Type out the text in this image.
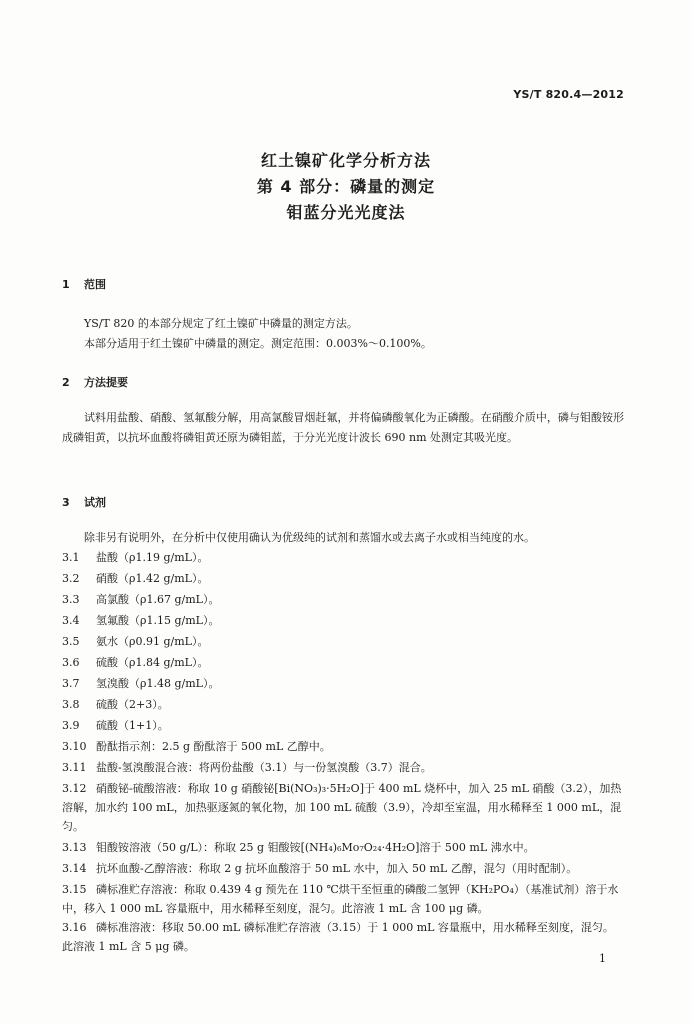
YS/T 820.4—2012
红土镍矿化学分析方法
第 4 部分：磷量的测定
钼蓝分光光度法
1 范围

YS/T 820 的本部分规定了红土镍矿中磷量的测定方法。

本部分适用于红土镍矿中磷量的测定。测定范围：0.003%～0.100%。

2 方法提要

试料用盐酸、硝酸、氢氟酸分解，用高氯酸冒烟赶氟，并将偏磷酸氧化为正磷酸。在硝酸介质中，磷与钼酸铵形成磷钼黄，以抗坏血酸将磷钼黄还原为磷钼蓝，于分光光度计波长 690 nm 处测定其吸光度。

3 试剂

除非另有说明外，在分析中仅使用确认为优级纯的试剂和蒸馏水或去离子水或相当纯度的水。

3.1 盐酸（ρ1.19 g/mL）。

3.2 硝酸（ρ1.42 g/mL）。

3.3 高氯酸（ρ1.67 g/mL）。

3.4 氢氟酸（ρ1.15 g/mL）。

3.5 氨水（ρ0.91 g/mL）。

3.6 硫酸（ρ1.84 g/mL）。

3.7 氢溴酸（ρ1.48 g/mL）。

3.8 硫酸（2+3）。

3.9 硫酸（1+1）。

3.10 酚酞指示剂：2.5 g 酚酞溶于 500 mL 乙醇中。

3.11 盐酸-氢溴酸混合液：将两份盐酸（3.1）与一份氢溴酸（3.7）混合。

3.12 硝酸铋-硫酸溶液：称取 10 g 硝酸铋[Bi(NO₃)₃·5H₂O]于 400 mL 烧杯中，加入 25 mL 硝酸（3.2），加热溶解，加水约 100 mL，加热驱逐氮的氧化物，加 100 mL 硫酸（3.9），冷却至室温，用水稀释至 1 000 mL，混匀。

3.13 钼酸铵溶液（50 g/L）：称取 25 g 钼酸铵[(NH₄)₆Mo₇O₂₄·4H₂O]溶于 500 mL 沸水中。

3.14 抗坏血酸-乙醇溶液：称取 2 g 抗坏血酸溶于 50 mL 水中，加入 50 mL 乙醇，混匀（用时配制）。

3.15 磷标准贮存溶液：称取 0.439 4 g 预先在 110 ℃烘干至恒重的磷酸二氢钾（KH₂PO₄）（基准试剂）溶于水中，移入 1 000 mL 容量瓶中，用水稀释至刻度，混匀。此溶液 1 mL 含 100 μg 磷。

3.16 磷标准溶液：移取 50.00 mL 磷标准贮存溶液（3.15）于 1 000 mL 容量瓶中，用水稀释至刻度，混匀。此溶液 1 mL 含 5 μg 磷。

1
